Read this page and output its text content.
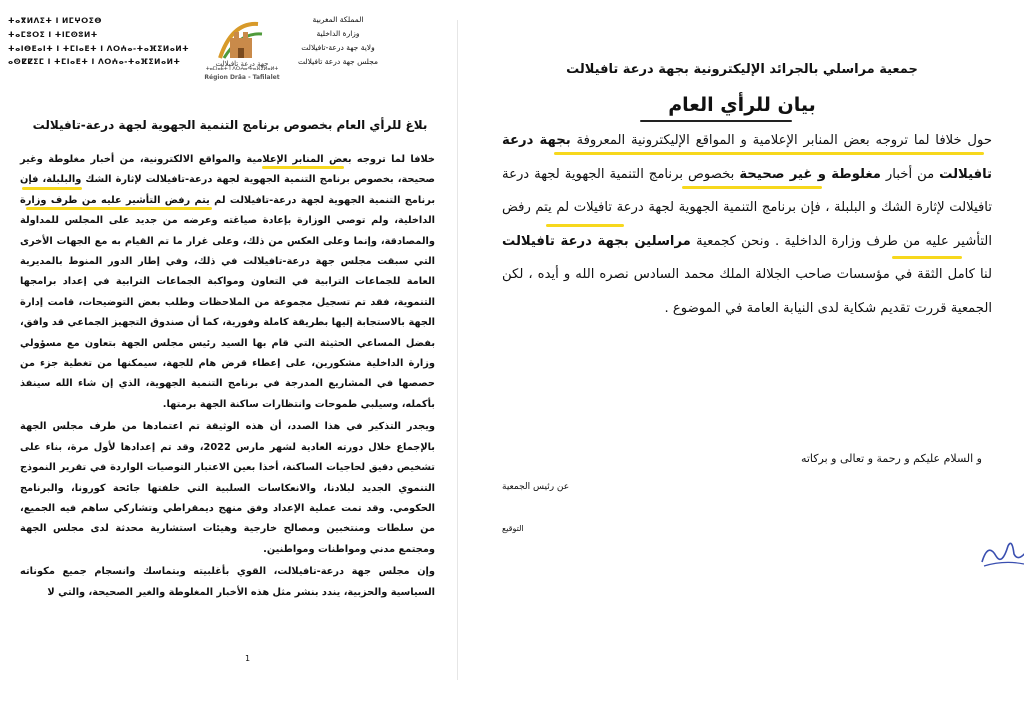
ⵜⴰⴳⵍⴷⵉⵜ ⵏ ⵍⵎⵖⵔⵉⴱ
ⵜⴰⵎⵓⵔⵉ ⵏ ⵜⵏⵎⵙⵓⵍⵜ
ⵜⴰⵏⴱⴹⴰⵏⵜ ⵏ ⵜⵎⵏⴰⴹⵜ ⵏ ⴷⵔⵄⴰ-ⵜⴰⴼⵉⵍⴰⵍⵜ
ⴰⵙⵇⵇⵉⵎ ⵏ ⵜⵎⵏⴰⴹⵜ ⵏ ⴷⵔⵄⴰ-ⵜⴰⴼⵉⵍⴰⵍⵜ	جهة درعة تافيلالت
ⵜⴰⵎⵏⴰⴹⵜ ⵏ ⴷⵔⵄⴰ-ⵜⴰⴼⵉⵍⴰⵍⵜ
Région Drâa - Tafilalet
المملكة المغربية
وزارة الداخلية
ولاية جهة درعة-تافيلالت
مجلس جهة درعة تافيلالت
بلاغ للرأي العام بخصوص برنامج التنمية الجهوية لجهة درعة-تافيلالت

خلافا لما تروجه بعض المنابر الإعلامية والمواقع الالكترونية، من أخبار مغلوطة وغير صحيحة، بخصوص برنامج التنمية الجهوية لجهة درعة-تافيلالت لإثارة الشك والبلبلة، فإن برنامج التنمية الجهوية لجهة درعة-تافيلالت لم يتم رفض التأشير عليه من طرف وزارة الداخلية، ولم توصي الوزارة بإعادة صياغته وعرضه من جديد على المجلس للمداولة والمصادقة، وإنما وعلى العكس من ذلك، وعلى غرار ما تم القيام به مع الجهات الأخرى التي سبقت مجلس جهة درعة-تافيلالت في ذلك، وفي إطار الدور المنوط بالمديرية العامة للجماعات الترابية في التعاون ومواكبة الجماعات الترابية في إعداد برامجها التنموية، فقد تم تسجيل مجموعة من الملاحظات وطلب بعض التوضيحات، قامت إدارة الجهة بالاستجابة إليها بطريقة كاملة وفورية، كما أن صندوق التجهيز الجماعي قد وافق، بفضل المساعي الحثيثة التي قام بها السيد رئيس مجلس الجهة بتعاون مع مسؤولي وزارة الداخلية مشكورين، على إعطاء قرض هام للجهة، سيمكنها من تغطية جزء من حصصها في المشاريع المدرجة في برنامج التنمية الجهوية، الذي إن شاء الله سينفذ بأكمله، وسيلبي طموحات وانتظارات ساكنة الجهة برمتها.

ويجدر التذكير في هذا الصدد، أن هذه الوثيقة تم اعتمادها من طرف مجلس الجهة بالإجماع خلال دورته العادية لشهر مارس 2022، وقد تم إعدادها لأول مرة، بناء على تشخيص دقيق لحاجيات الساكنة، أخذا بعين الاعتبار التوصيات الواردة في تقرير النموذج التنموي الجديد لبلادنا، والانعكاسات السلبية التي خلفتها جائحة كورونا، والبرنامج الحكومي. وقد تمت عملية الإعداد وفق منهج ديمقراطي وتشاركي ساهم فيه الجميع، من سلطات ومنتخبين ومصالح خارجية وهيئات استشارية محدثة لدى مجلس الجهة ومجتمع مدني ومواطنات ومواطنين.

وإن مجلس جهة درعة-تافيلالت، القوي بأغلبيته وبتماسك وانسجام جميع مكوناته السياسية والحزبية، يندد بنشر مثل هذه الأخبار المغلوطة والغير الصحيحة، والتي لا

1
جمعية مراسلي بالجرائد الإليكترونية بجهة درعة تافيلالت
بيان للرأي العام

حول خلافا لما تروجه بعض المنابر الإعلامية و المواقع الإليكترونية المعروفة بجهة درعة تافيلالت من أخبار مغلوطة و غير صحيحة بخصوص برنامج التنمية الجهوية لجهة درعة تافيلالت لإثارة الشك و البلبلة ، فإن برنامج التنمية الجهوية لجهة درعة تافيلات لم يتم رفض التأشير عليه من طرف وزارة الداخلية . ونحن كجمعية مراسلين بجهة درعة تافيلالت لنا كامل الثقة في مؤسسات صاحب الجلالة الملك محمد السادس نصره الله و أيده ، لكن الجمعية قررت تقديم شكاية لدى النيابة العامة في الموضوع .

و السلام عليكم و رحمة و تعالى و بركاته
عن رئيس الجمعية
التوقيع
